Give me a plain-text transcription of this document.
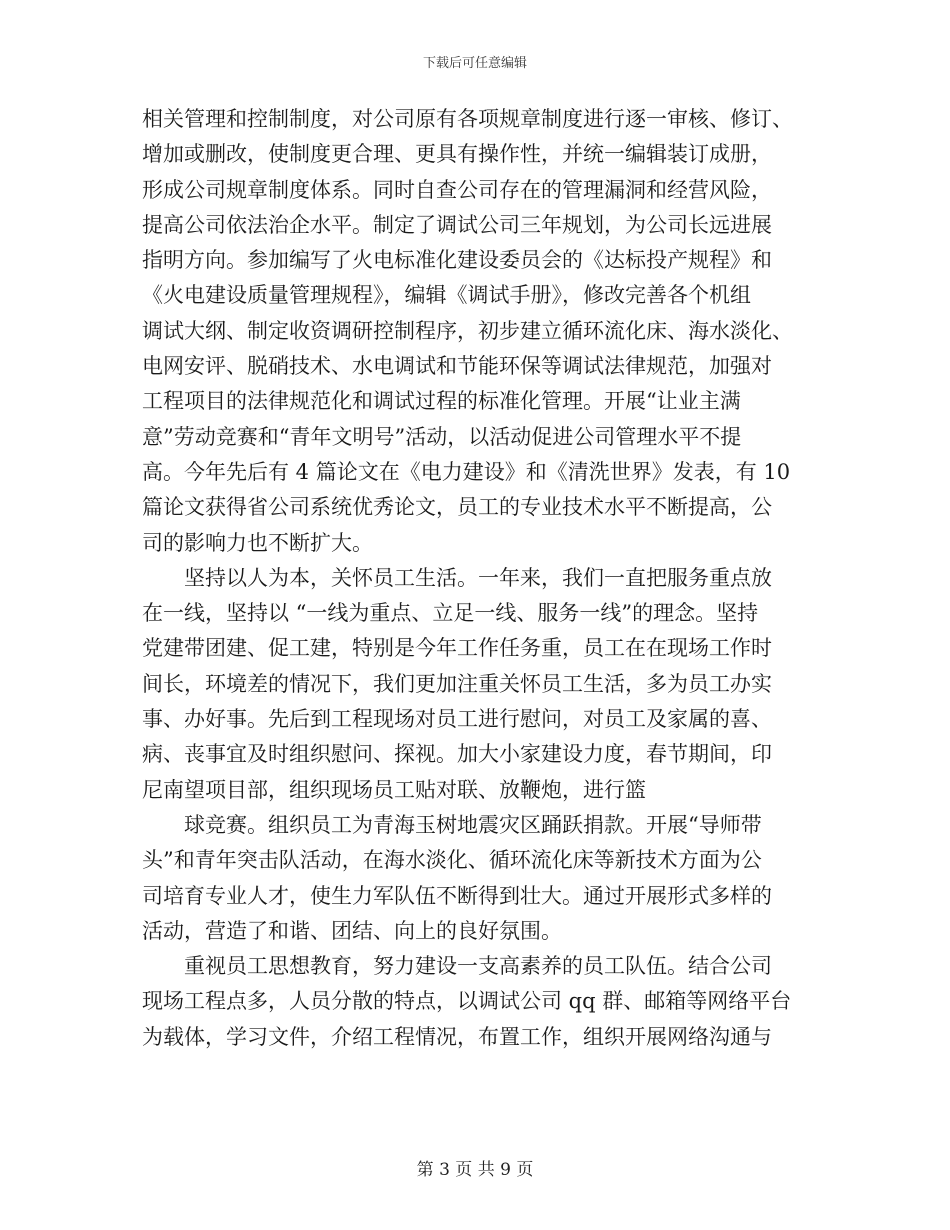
下载后可任意编辑
相关管理和控制制度，对公司原有各项规章制度进行逐一审核、修订、
增加或删改，使制度更合理、更具有操作性，并统一编辑装订成册，
形成公司规章制度体系。同时自查公司存在的管理漏洞和经营风险，
提高公司依法治企水平。制定了调试公司三年规划，为公司长远进展
指明方向。参加编写了火电标准化建设委员会的《达标投产规程》和
《火电建设质量管理规程》，编辑《调试手册》，修改完善各个机组
调试大纲、制定收资调研控制程序，初步建立循环流化床、海水淡化、
电网安评、脱硝技术、水电调试和节能环保等调试法律规范，加强对
工程项目的法律规范化和调试过程的标准化管理。开展“让业主满
意”劳动竞赛和“青年文明号”活动，以活动促进公司管理水平不提
高。今年先后有 4 篇论文在《电力建设》和《清洗世界》发表，有 10
篇论文获得省公司系统优秀论文，员工的专业技术水平不断提高，公
司的影响力也不断扩大。
坚持以人为本，关怀员工生活。一年来，我们一直把服务重点放
在一线，坚持以 “一线为重点、立足一线、服务一线”的理念。坚持
党建带团建、促工建，特别是今年工作任务重，员工在在现场工作时
间长，环境差的情况下，我们更加注重关怀员工生活，多为员工办实
事、办好事。先后到工程现场对员工进行慰问，对员工及家属的喜、
病、丧事宜及时组织慰问、探视。加大小家建设力度，春节期间，印
尼南望项目部，组织现场员工贴对联、放鞭炮，进行篮
球竞赛。组织员工为青海玉树地震灾区踊跃捐款。开展“导师带
头”和青年突击队活动，在海水淡化、循环流化床等新技术方面为公
司培育专业人才，使生力军队伍不断得到壮大。通过开展形式多样的
活动，营造了和谐、团结、向上的良好氛围。
重视员工思想教育，努力建设一支高素养的员工队伍。结合公司
现场工程点多，人员分散的特点，以调试公司 qq 群、邮箱等网络平台
为载体，学习文件，介绍工程情况，布置工作，组织开展网络沟通与
第 3 页 共 9 页
